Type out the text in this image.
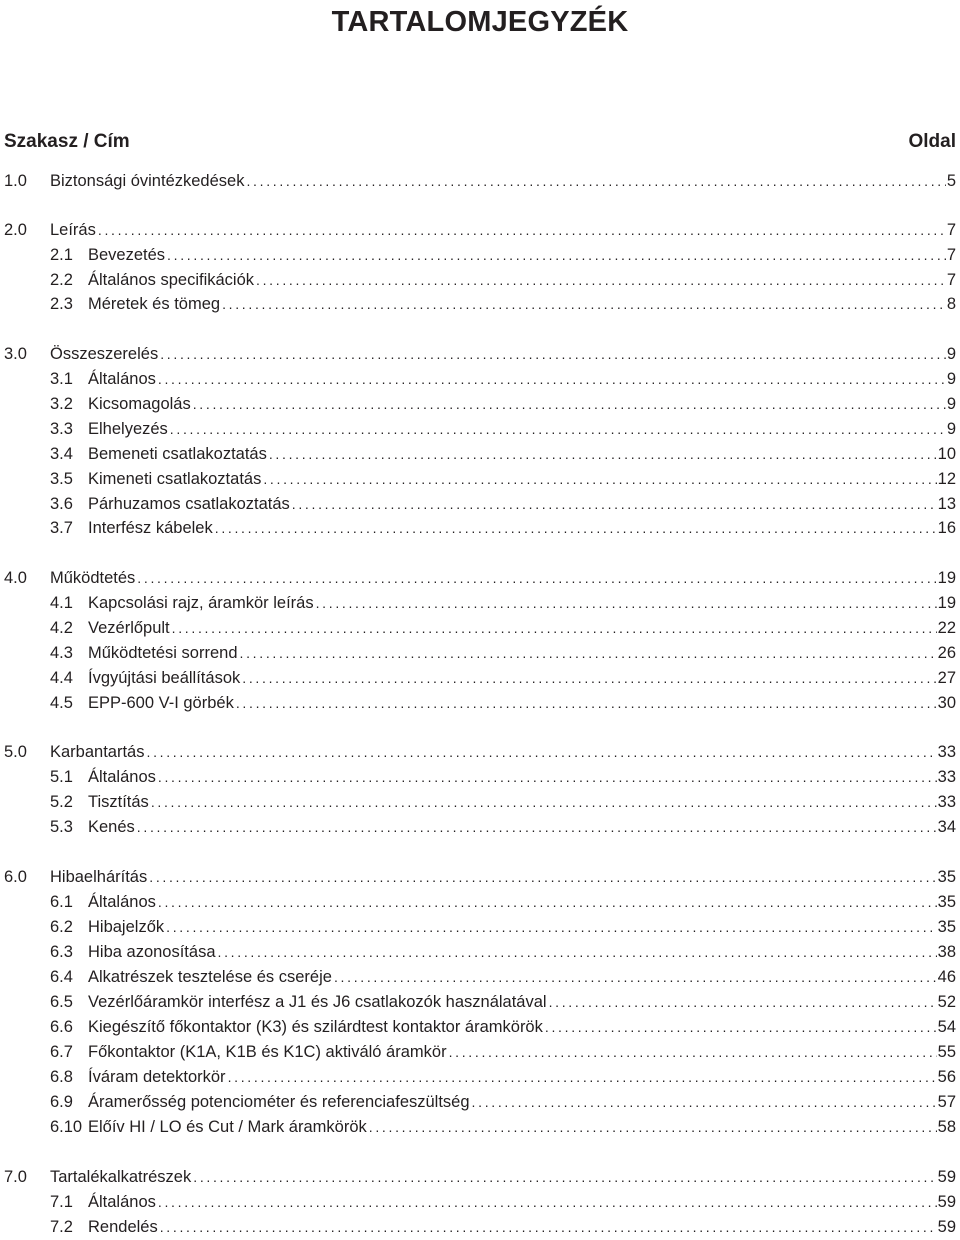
TARTALOMJEGYZÉK
Szakasz / Cím	Oldal
1.0	Biztonsági óvintézkedések . . .	5
2.0	Leírás . . .	7
2.1 Bevezetés . . .	7
2.2 Általános specifikációk . . .	7
2.3 Méretek és tömeg . . .	8
3.0	Összeszerelés . . .	9
3.1 Általános . . .	9
3.2 Kicsomagolás . . .	9
3.3 Elhelyezés . . .	9
3.4 Bemeneti csatlakoztatás . . .	10
3.5 Kimeneti csatlakoztatás . . .	12
3.6 Párhuzamos csatlakoztatás . . .	13
3.7 Interfész kábelek . . .	16
4.0	Működtetés . . .	19
4.1 Kapcsolási rajz, áramkör leírás . . .	19
4.2 Vezérlőpult . . .	22
4.3 Működtetési sorrend . . .	26
4.4 Ívgyújtási beállítások . . .	27
4.5 EPP-600 V-I görbék . . .	30
5.0	Karbantartás . . .	33
5.1 Általános . . .	33
5.2 Tisztítás . . .	33
5.3 Kenés . . .	34
6.0	Hibaelhárítás . . .	35
6.1 Általános . . .	35
6.2 Hibajelzők . . .	35
6.3 Hiba azonosítása . . .	38
6.4 Alkatrészek tesztelése és cseréje . . .	46
6.5 Vezérlőáramkör interfész a J1 és J6 csatlakozók használatával . . .	52
6.6 Kiegészítő főkontaktor (K3) és szilárdtest kontaktor áramkörök . . .	54
6.7 Főkontaktor (K1A, K1B és K1C) aktiváló áramkör . . .	55
6.8 Íváram detektorkör . . .	56
6.9 Áramerősség potenciométer és referenciafeszültség . . .	57
6.10 Előív HI / LO és Cut / Mark áramkörök . . .	58
7.0	Tartalékalkatrészek . . .	59
7.1 Általános . . .	59
7.2 Rendelés . . .	59
